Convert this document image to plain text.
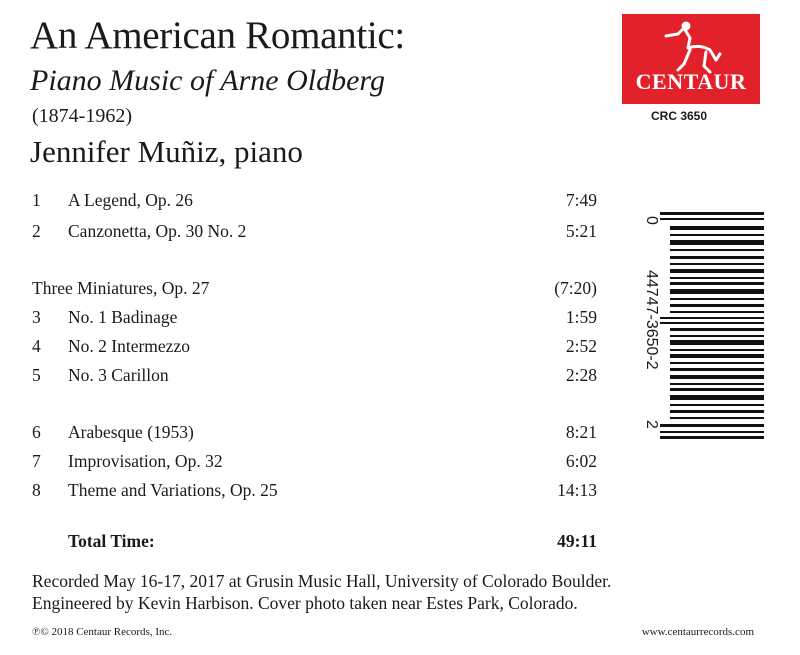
An American Romantic:
Piano Music of Arne Oldberg
(1874-1962)
Jennifer Muñiz, piano
CENTAUR
CRC 3650
1 A Legend, Op. 26	7:49
2 Canzonetta, Op. 30 No. 2	5:21
Three Miniatures, Op. 27	(7:20)
3 No. 1 Badinage	1:59
4 No. 2 Intermezzo	2:52
5 No. 3 Carillon	2:28
6 Arabesque (1953)	8:21
7 Improvisation, Op. 32	6:02
8 Theme and Variations, Op. 25	14:13
Total Time:	49:11
0
44747-3650-2
2
Recorded May 16-17, 2017 at Grusin Music Hall, University of Colorado Boulder.
Engineered by Kevin Harbison. Cover photo taken near Estes Park, Colorado.
℗© 2018 Centaur Records, Inc.	www.centaurrecords.com
